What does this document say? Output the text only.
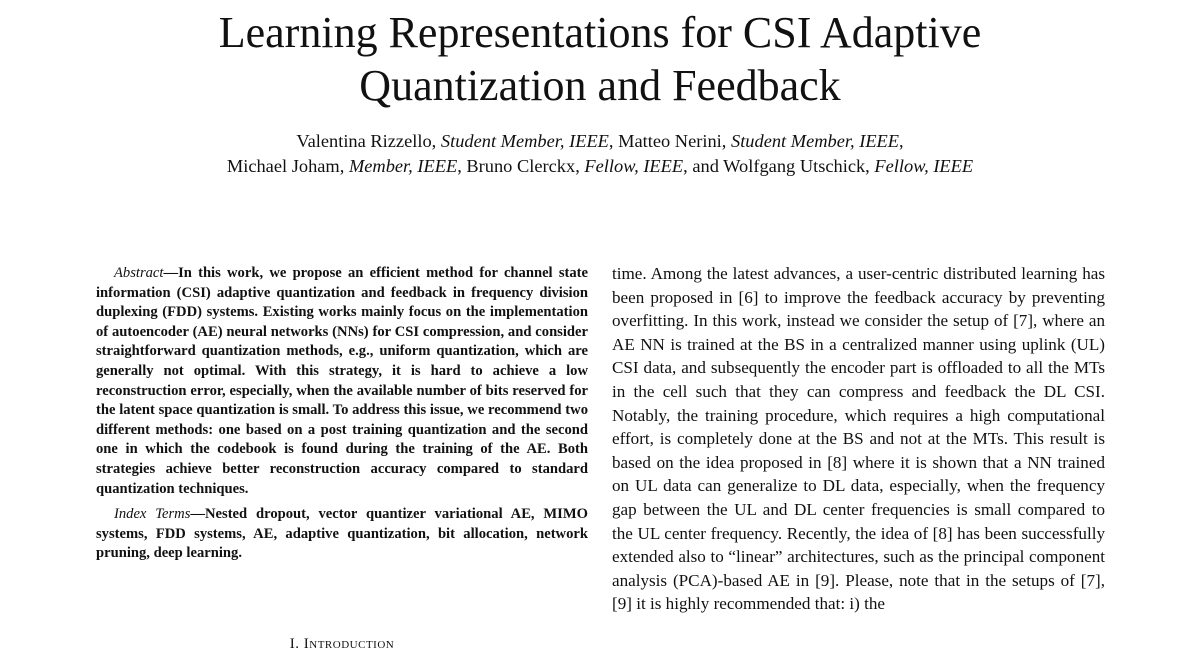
Learning Representations for CSI Adaptive
Quantization and Feedback
Valentina Rizzello, Student Member, IEEE, Matteo Nerini, Student Member, IEEE,
Michael Joham, Member, IEEE, Bruno Clerckx, Fellow, IEEE, and Wolfgang Utschick, Fellow, IEEE

Abstract—In this work, we propose an efficient method for channel state information (CSI) adaptive quantization and feedback in frequency division duplexing (FDD) systems. Existing works mainly focus on the implementation of autoencoder (AE) neural networks (NNs) for CSI compression, and consider straightforward quantization methods, e.g., uniform quantization, which are generally not optimal. With this strategy, it is hard to achieve a low reconstruction error, especially, when the available number of bits reserved for the latent space quantization is small. To address this issue, we recommend two different methods: one based on a post training quantization and the second one in which the codebook is found during the training of the AE. Both strategies achieve better reconstruction accuracy compared to standard quantization techniques.

Index Terms—Nested dropout, vector quantizer variational AE, MIMO systems, FDD systems, AE, adaptive quantization, bit allocation, network pruning, deep learning.

I. Introduction

time. Among the latest advances, a user-centric distributed learning has been proposed in [6] to improve the feedback accuracy by preventing overfitting. In this work, instead we consider the setup of [7], where an AE NN is trained at the BS in a centralized manner using uplink (UL) CSI data, and subsequently the encoder part is offloaded to all the MTs in the cell such that they can compress and feedback the DL CSI. Notably, the training procedure, which requires a high computational effort, is completely done at the BS and not at the MTs. This result is based on the idea proposed in [8] where it is shown that a NN trained on UL data can generalize to DL data, especially, when the frequency gap between the UL and DL center frequencies is small compared to the UL center frequency. Recently, the idea of [8] has been successfully extended also to “linear” architectures, such as the principal component analysis (PCA)-based AE in [9]. Please, note that in the setups of [7], [9] it is highly recommended that: i) the
